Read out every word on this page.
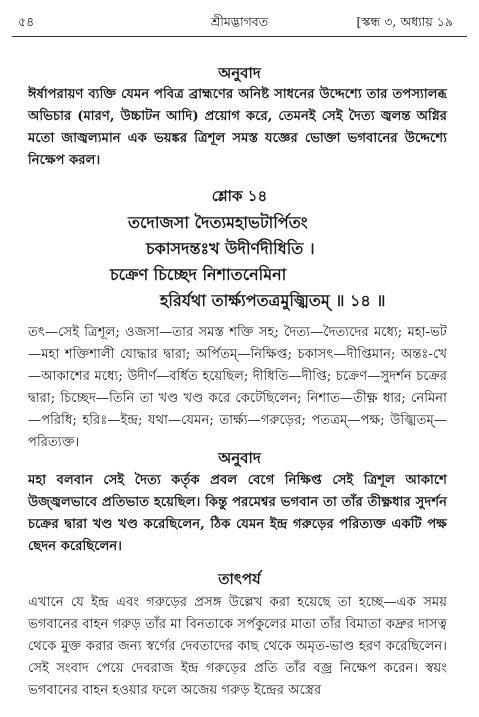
৫৪	শ্রীমদ্ভাগবত	[স্কন্ধ ৩, অধ্যায় ১৯
অনুবাদ

ঈর্ষাপরায়ণ ব্যক্তি যেমন পবিত্র ব্রাহ্মণের অনিষ্ট সাধনের উদ্দেশ্যে তার তপস্যালব্ধ অভিচার (মারণ, উচ্চাটন আদি) প্রয়োগ করে, তেমনই সেই দৈত্য জ্বলন্ত অগ্নির মতো জাজ্বল্যমান এক ভয়ঙ্কর ত্রিশূল সমস্ত যজ্ঞের ভোক্তা ভগবানের উদ্দেশ্যে নিক্ষেপ করল।

শ্লোক ১৪
তদোজসা দৈত্যমহাভটার্পিতং
চকাসদন্তঃখ উদীর্ণদীধিতি ।
চক্রেণ চিচ্ছেদ নিশাতনেমিনা
হরির্যথা তার্ক্ষ্যপতত্রমুজ্ঝিতম্‌ ॥ ১৪ ॥

তৎ—সেই ত্রিশূল; ওজসা—তার সমস্ত শক্তি সহ; দৈত্য—দৈত্যদের মধ্যে; মহা-ভট—মহা শক্তিশালী যোদ্ধার দ্বারা; অর্পিতম্—নিক্ষিপ্ত; চকাসৎ—দীপ্তিমান; অন্তঃ-খে—আকাশের মধ্যে; উদীর্ণ—বর্ধিত হয়েছিল; দীধিতি—দীপ্তি; চক্রেণ—সুদর্শন চক্রের দ্বারা; চিচ্ছেদ—তিনি তা খণ্ড খণ্ড করে কেটেছিলেন; নিশাত—তীক্ষ্ণ ধার; নেমিনা—পরিধি; হরিঃ—ইন্দ্র; যথা—যেমন; তার্ক্ষ্য—গরুড়ের; পতত্রম্—পক্ষ; উজ্ঝিতম্—পরিত্যক্ত।

অনুবাদ

মহা বলবান সেই দৈত্য কর্তৃক প্রবল বেগে নিক্ষিপ্ত সেই ত্রিশূল আকাশে উজ্জ্বলভাবে প্রতিভাত হয়েছিল। কিন্তু পরমেশ্বর ভগবান তা তাঁর তীক্ষ্ণধার সুদর্শন চক্রের দ্বারা খণ্ড খণ্ড করেছিলেন, ঠিক যেমন ইন্দ্র গরুড়ের পরিত্যক্ত একটি পক্ষ ছেদন করেছিলেন।

তাৎপর্য

এখানে যে ইন্দ্র এবং গরুড়ের প্রসঙ্গ উল্লেখ করা হয়েছে তা হচ্ছে—এক সময় ভগবানের বাহন গরুড় তাঁর মা বিনতাকে সর্পকুলের মাতা তাঁর বিমাতা কদ্রুর দাসত্ব থেকে মুক্ত করার জন্য স্বর্গের দেবতাদের কাছ থেকে অমৃত-ভাণ্ড হরণ করেছিলেন। সেই সংবাদ পেয়ে দেবরাজ ইন্দ্র গরুড়ের প্রতি তাঁর বজ্র নিক্ষেপ করেন। স্বয়ং ভগবানের বাহন হওয়ার ফলে অজেয় গরুড় ইন্দ্রের অস্ত্রের
